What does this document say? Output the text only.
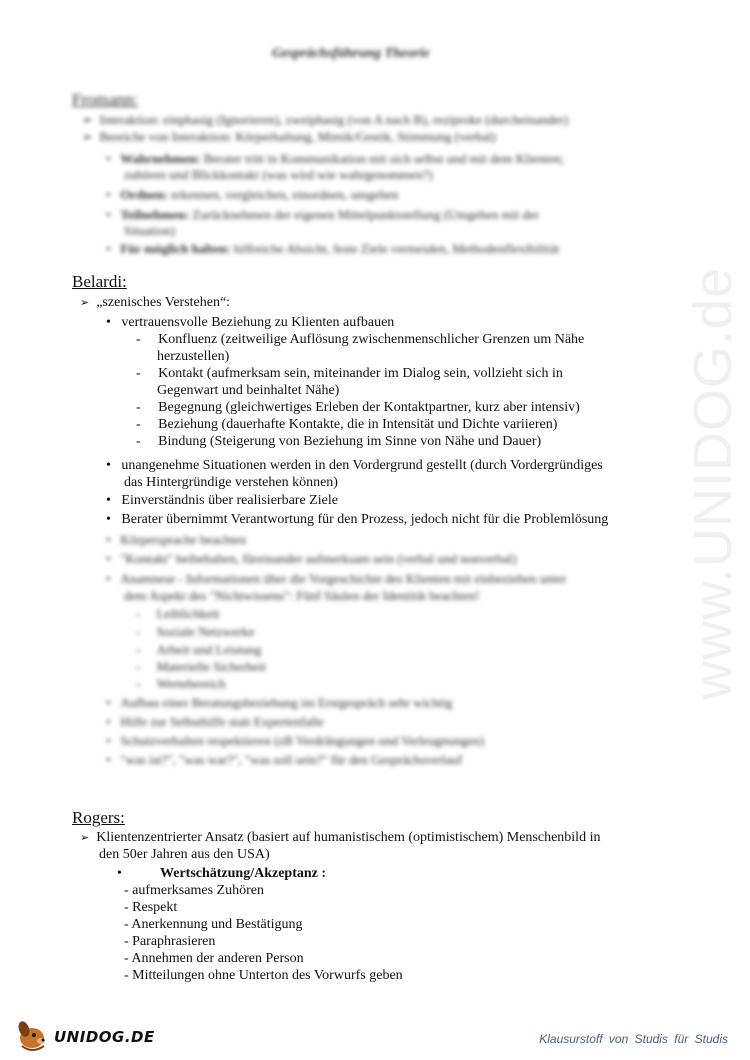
www.UNIDOG.de
Gesprächsführung Theorie
Fromann:
➢  Interaktion: einphasig (Ignorieren), zweiphasig (von A nach B), reziproke (durcheinander)
➢  Bereiche von Interaktion: Körperhaltung, Mimik/Gestik, Stimmung (verbal)
•   Wahrnehmen: Berater tritt in Kommunikation mit sich selbst und mit dem Klienten;
zuhören und Blickkontakt (was wird wie wahrgenommen?)
•   Ordnen: erkennen, vergleichen, einordnen, umgehen
•   Teilnehmen: Zurücknehmen der eigenen Mittelpunktstellung (Umgehen mit der
Situation)
•   Für möglich halten: hilfreiche Absicht, feste Ziele vermeiden, Methodenflexibilität
Belardi:
➢ „szenisches Verstehen“:
• vertrauensvolle Beziehung zu Klienten aufbauen
-     Konfluenz (zeitweilige Auflösung zwischenmenschlicher Grenzen um Nähe
herzustellen)
-     Kontakt (aufmerksam sein, miteinander im Dialog sein, vollzieht sich in
Gegenwart und beinhaltet Nähe)
-     Begegnung (gleichwertiges Erleben der Kontaktpartner, kurz aber intensiv)
-     Beziehung (dauerhafte Kontakte, die in Intensität und Dichte variieren)
-     Bindung (Steigerung von Beziehung im Sinne von Nähe und Dauer)
• unangenehme Situationen werden in den Vordergrund gestellt (durch Vordergründiges
das Hintergründige verstehen können)
• Einverständnis über realisierbare Ziele
• Berater übernimmt Verantwortung für den Prozess, jedoch nicht für die Problemlösung
•   Körpersprache beachten
•   "Kontakt" beibehalten, füreinander aufmerksam sein (verbal und nonverbal)
•   Anamnese - Informationen über die Vorgeschichte des Klienten mit einbeziehen unter
dem Aspekt des "Nichtwissens": Fünf Säulen der Identität beachten!
-     Leiblichkeit
-     Soziale Netzwerke
-     Arbeit und Leistung
-     Materielle Sicherheit
-     Wertebereich
•   Aufbau einer Beratungsbeziehung im Erstgespräch sehr wichtig
•   Hilfe zur Selbsthilfe statt Expertenfalle
•   Schutzverhalten respektieren (zB Verdrängungen und Verleugnungen)
•   "was ist?", "was war?", "was soll sein?" für den Gesprächsverlauf
Rogers:
➢ Klientenzentrierter Ansatz (basiert auf humanistischem (optimistischem) Menschenbild in
den 50er Jahren aus den USA)
•	Wertschätzung/Akzeptanz :
- aufmerksames Zuhören
- Respekt
- Anerkennung und Bestätigung
- Paraphrasieren
- Annehmen der anderen Person
- Mitteilungen ohne Unterton des Vorwurfs geben
UNIDOG.DE	Klausurstoff von Studis für Studis
